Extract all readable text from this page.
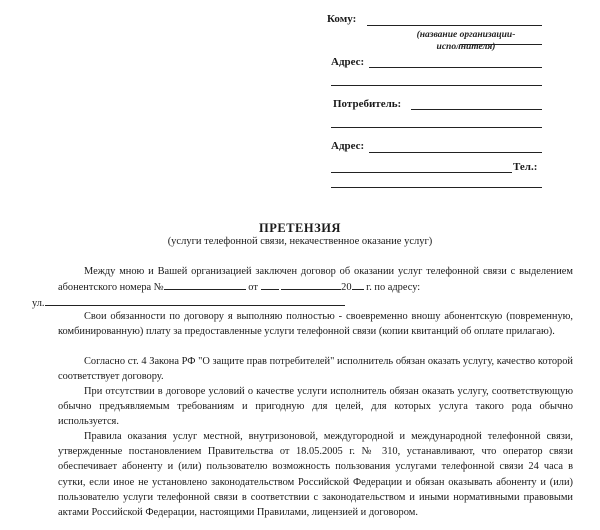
Кому:
(название организации-
исполнителя)
Адрес:
Потребитель:
Адрес:
Тел.:
ПРЕТЕНЗИЯ
(услуги телефонной связи, некачественное оказание услуг)
Между мною и Вашей организацией заключен договор об оказании услуг телефонной связи с выделением абонентского номера №	от	20 г. по адресу:
ул.
Свои обязанности по договору я выполняю полностью - своевременно вношу абонентскую (повременную, комбинированную) плату за предоставленные услуги телефонной связи (копии квитанций об оплате прилагаю).
Согласно ст. 4 Закона РФ "О защите прав потребителей" исполнитель обязан оказать услугу, качество которой соответствует договору.
При отсутствии в договоре условий о качестве услуги исполнитель обязан оказать услугу, соответствующую обычно предъявляемым требованиям и пригодную для целей, для которых услуга такого рода обычно используется.
Правила оказания услуг местной, внутризоновой, междугородной и международной телефонной связи, утвержденные постановлением Правительства от 18.05.2005 г. № 310, устанавливают, что оператор связи обеспечивает абоненту и (или) пользователю возможность пользования услугами телефонной связи 24 часа в сутки, если иное не установлено законодательством Российской Федерации и обязан оказывать абоненту и (или) пользователю услуги телефонной связи в соответствии с законодательством и иными нормативными правовыми актами Российской Федерации, настоящими Правилами, лицензией и договором.
